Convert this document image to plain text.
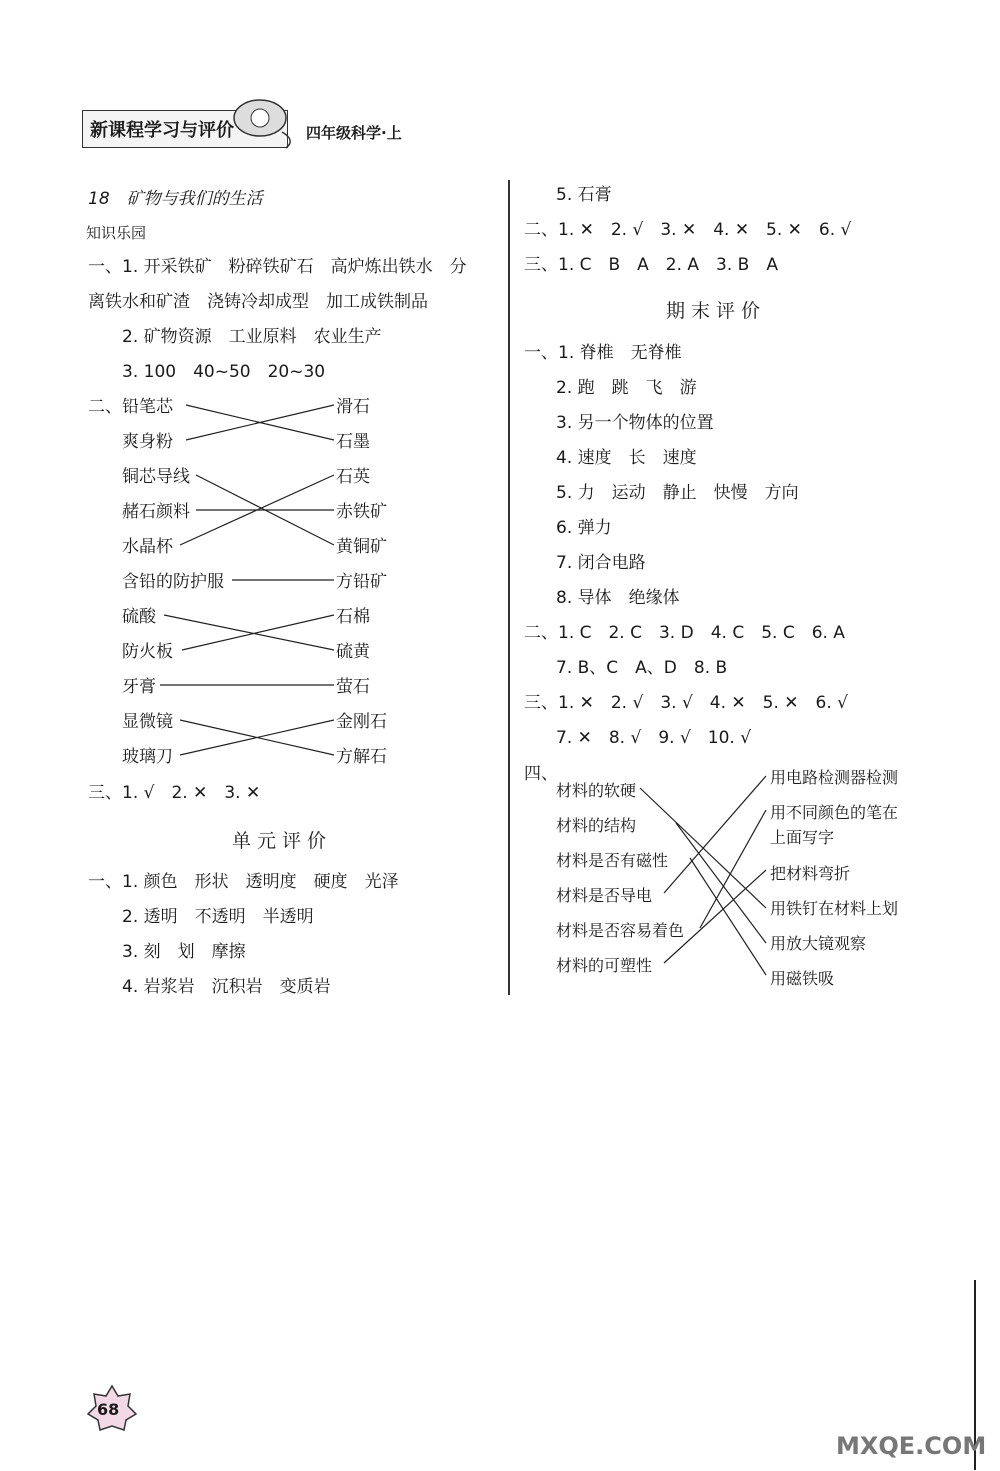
新课程学习与评价	四年级科学·上
18　矿物与我们的生活
知识乐园
一、1. 开采铁矿　粉碎铁矿石　高炉炼出铁水　分
离铁水和矿渣　浇铸冷却成型　加工成铁制品
2. 矿物资源　工业原料　农业生产
3. 100　40~50　20~30
二、 铅笔芯
爽身粉
铜芯导线
赭石颜料
水晶杯
含铅的防护服
硫酸
防火板
牙膏
显微镜
玻璃刀
滑石
石墨
石英
赤铁矿
黄铜矿
方铅矿
石棉
硫黄
萤石
金刚石
方解石
三、1. √　2. ✕　3. ✕
单元评价
一、1. 颜色　形状　透明度　硬度　光泽
2. 透明　不透明　半透明
3. 刻　划　摩擦
4. 岩浆岩　沉积岩　变质岩
5. 石膏
二、1. ✕　2. √　3. ✕　4. ✕　5. ✕　6. √
三、1. C　B　A　2. A　3. B　A
期末评价
一、1. 脊椎　无脊椎
2. 跑　跳　飞　游
3. 另一个物体的位置
4. 速度　长　速度
5. 力　运动　静止　快慢　方向
6. 弹力
7. 闭合电路
8. 导体　绝缘体
二、1. C　2. C　3. D　4. C　5. C　6. A
7. B、C　A、D　8. B
三、1. ✕　2. √　3. √　4. ✕　5. ✕　6. √
7. ✕　8. √　9. √　10. √
四、
材料的软硬
材料的结构
材料是否有磁性
材料是否导电
材料是否容易着色
材料的可塑性
用电路检测器检测
用不同颜色的笔在
上面写字
把材料弯折
用铁钉在材料上划
用放大镜观察
用磁铁吸
68
MXQE.COM
